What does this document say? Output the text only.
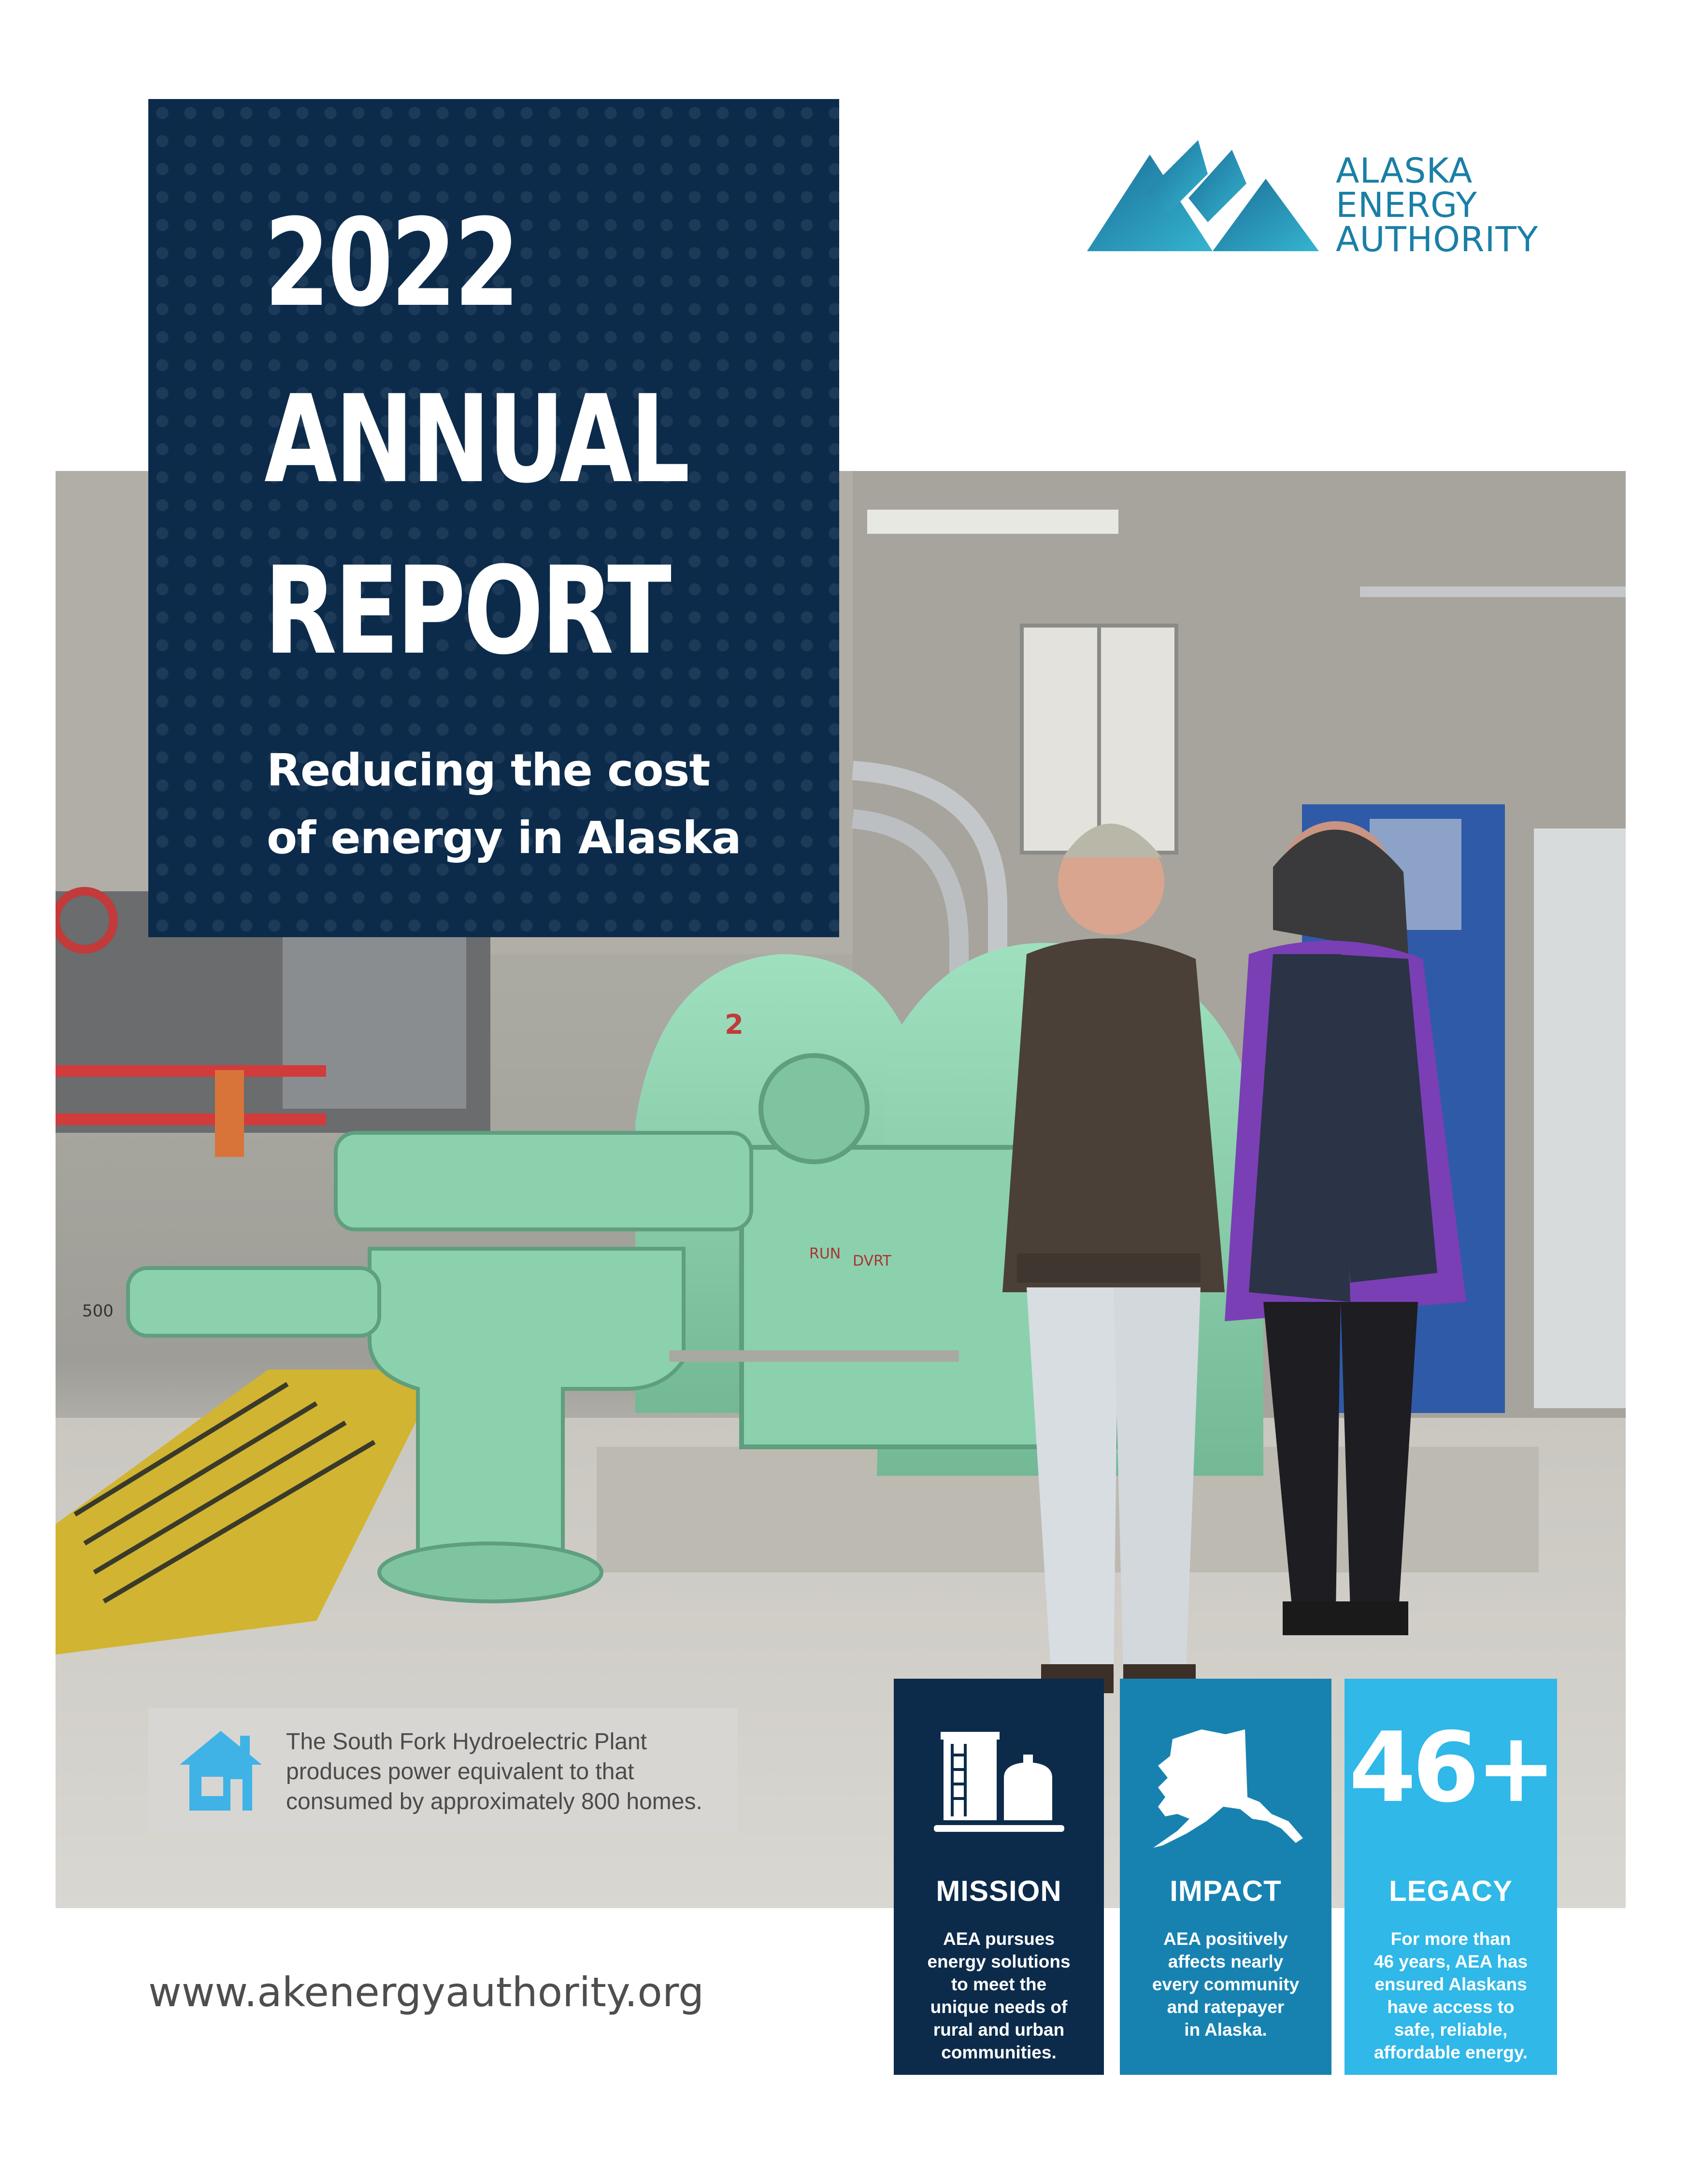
2
RUN DVRT
500
2022
ANNUAL
REPORT
Reducing the cost
of energy in Alaska
ALASKA
ENERGY
AUTHORITY
The South Fork Hydroelectric Plant
produces power equivalent to that
consumed by approximately 800 homes.
www.akenergyauthority.org
MISSION
AEA pursues
energy solutions
to meet the
unique needs of
rural and urban
communities.
IMPACT
AEA positively
affects nearly
every community
and ratepayer
in Alaska.
46+
LEGACY
For more than
46 years, AEA has
ensured Alaskans
have access to
safe, reliable,
affordable energy.
